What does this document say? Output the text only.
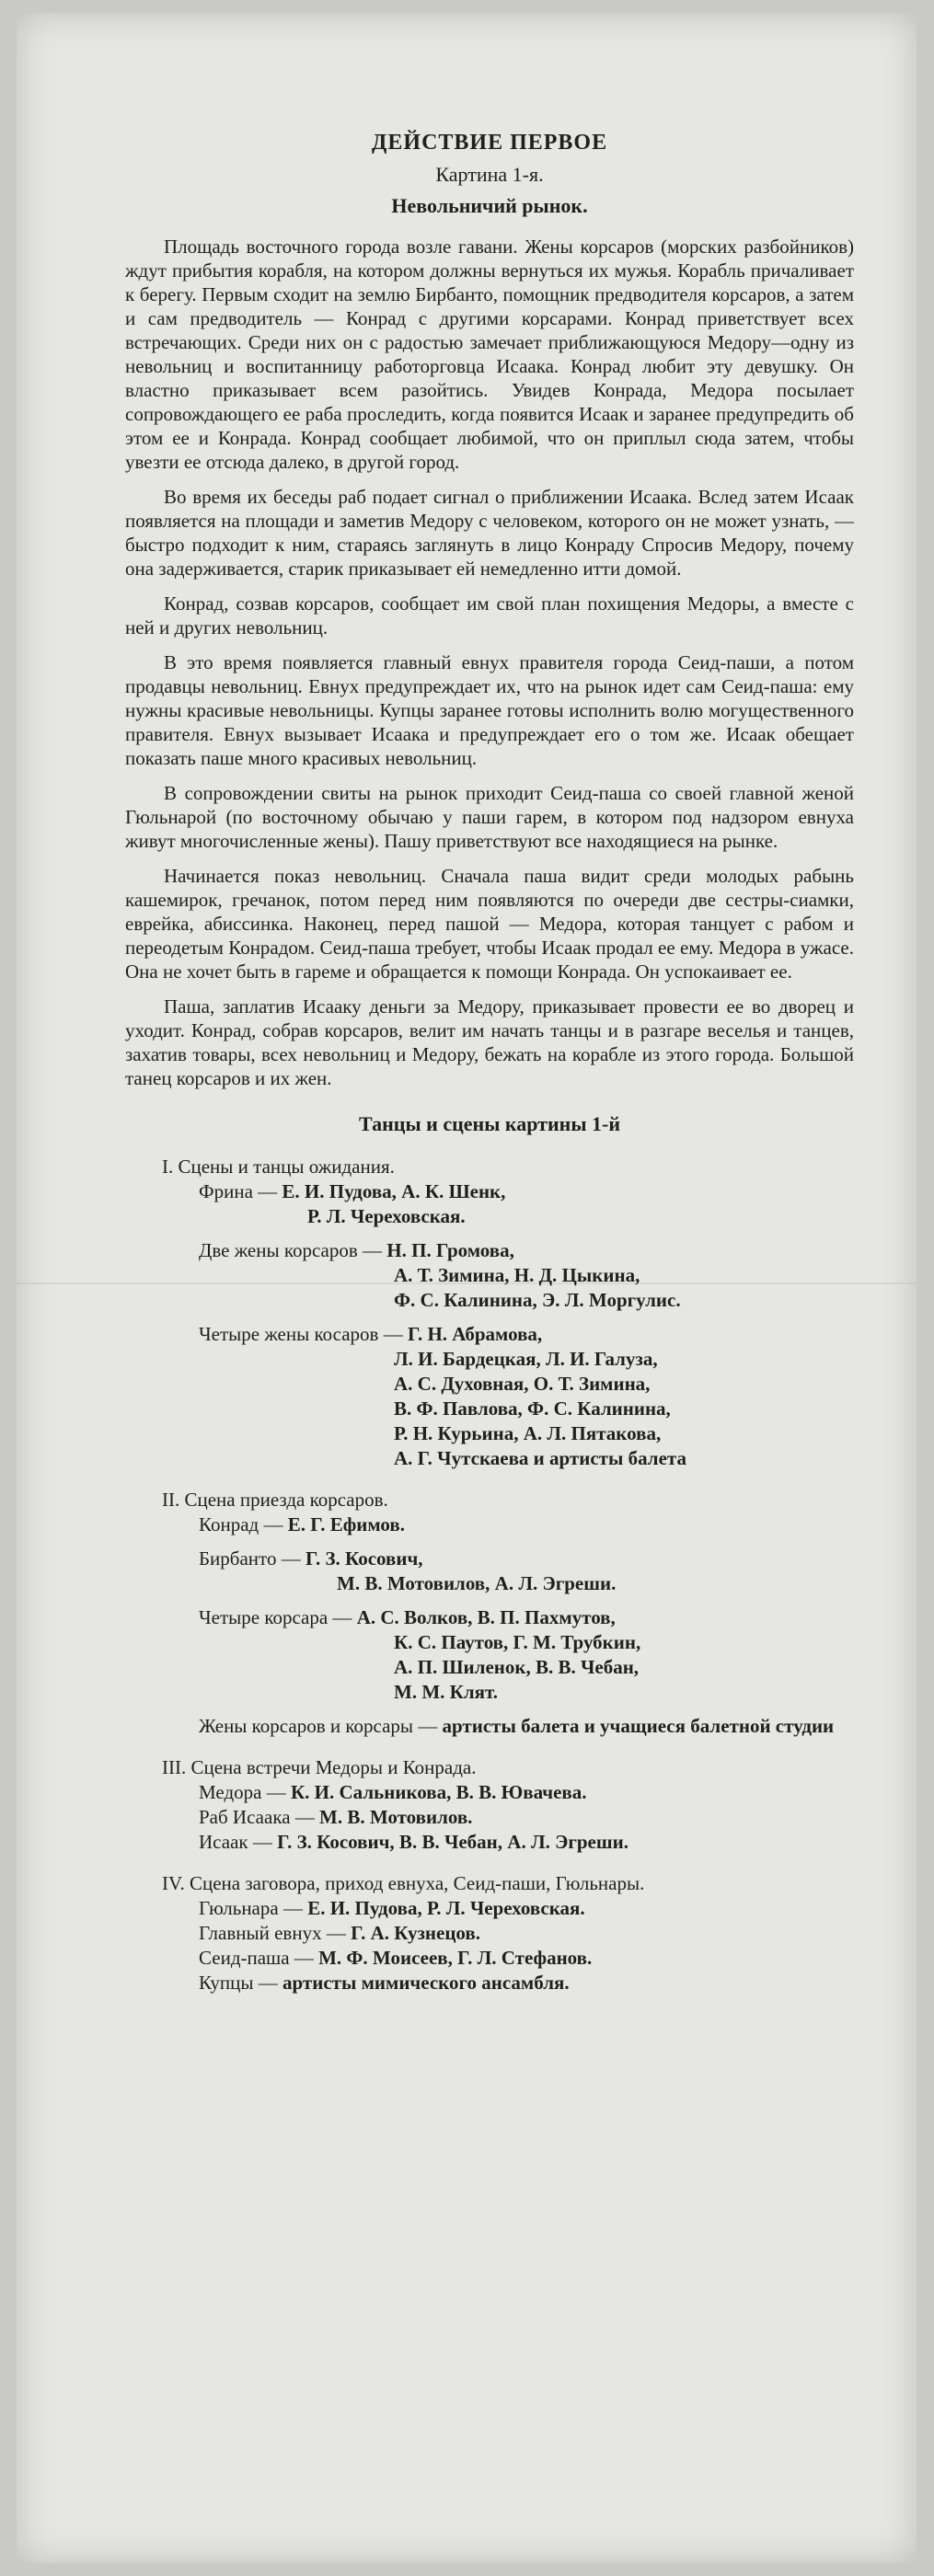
ДЕЙСТВИЕ ПЕРВОЕ
Картина 1-я.
Невольничий рынок.

Площадь восточного города возле гавани. Жены корсаров (морских разбойников) ждут прибытия корабля, на котором должны вернуться их мужья. Корабль причаливает к берегу. Первым сходит на землю Бирбанто, помощник предводителя корсаров, а затем и сам предводитель — Конрад с другими корсарами. Конрад приветствует всех встречающих. Среди них он с радостью замечает приближающуюся Медору—одну из невольниц и воспитанницу работорговца Исаака. Конрад любит эту девушку. Он властно приказывает всем разойтись. Увидев Конрада, Медора посылает сопровождающего ее раба проследить, когда появится Исаак и заранее предупредить об этом ее и Конрада. Конрад сообщает любимой, что он приплыл сюда затем, чтобы увезти ее отсюда далеко, в другой город.

Во время их беседы раб подает сигнал о приближении Исаака. Вслед затем Исаак появляется на площади и заметив Медору с человеком, которого он не может узнать, — быстро подходит к ним, стараясь заглянуть в лицо Конраду Спросив Медору, почему она задерживается, старик приказывает ей немедленно итти домой.

Конрад, созвав корсаров, сообщает им свой план похищения Медоры, а вместе с ней и других невольниц.

В это время появляется главный евнух правителя города Сеид-паши, а потом продавцы невольниц. Евнух предупреждает их, что на рынок идет сам Сеид-паша: ему нужны красивые невольницы. Купцы заранее готовы исполнить волю могущественного правителя. Евнух вызывает Исаака и предупреждает его о том же. Исаак обещает показать паше много красивых невольниц.

В сопровождении свиты на рынок приходит Сеид-паша со своей главной женой Гюльнарой (по восточному обычаю у паши гарем, в котором под надзором евнуха живут многочисленные жены). Пашу приветствуют все находящиеся на рынке.

Начинается показ невольниц. Сначала паша видит среди молодых рабынь кашемирок, гречанок, потом перед ним появляются по очереди две сестры-сиамки, еврейка, абиссинка. Наконец, перед пашой — Медора, которая танцует с рабом и переодетым Конрадом. Сеид-паша требует, чтобы Исаак продал ее ему. Медора в ужасе. Она не хочет быть в гареме и обращается к помощи Конрада. Он успокаивает ее.

Паша, заплатив Исааку деньги за Медору, приказывает провести ее во дворец и уходит. Конрад, собрав корсаров, велит им начать танцы и в разгаре веселья и танцев, захатив товары, всех невольниц и Медору, бежать на корабле из этого города. Большой танец корсаров и их жен.

Танцы и сцены картины 1-й

I. Сцены и танцы ожидания.

Фрина — Е. И. Пудова, А. К. Шенк,

Р. Л. Череховская.

Две жены корсаров — Н. П. Громова,

А. Т. Зимина, Н. Д. Цыкина,

Ф. С. Калинина, Э. Л. Моргулис.

Четыре жены косаров — Г. Н. Абрамова,

Л. И. Бардецкая, Л. И. Галуза,

А. С. Духовная, О. Т. Зимина,

В. Ф. Павлова, Ф. С. Калинина,

Р. Н. Курьина, А. Л. Пятакова,

А. Г. Чутскаева и артисты балета

II. Сцена приезда корсаров.

Конрад — Е. Г. Ефимов.

Бирбанто — Г. З. Косович,

М. В. Мотовилов, А. Л. Эгреши.

Четыре корсара — А. С. Волков, В. П. Пахмутов,

К. С. Паутов, Г. М. Трубкин,

А. П. Шиленок, В. В. Чебан,

М. М. Клят.

Жены корсаров и корсары — артисты балета и учащиеся балетной студии

III. Сцена встречи Медоры и Конрада.

Медора — К. И. Сальникова, В. В. Ювачева.

Раб Исаака — М. В. Мотовилов.

Исаак — Г. З. Косович, В. В. Чебан, А. Л. Эгреши.

IV. Сцена заговора, приход евнуха, Сеид-паши, Гюльнары.

Гюльнара — Е. И. Пудова, Р. Л. Череховская.

Главный евнух — Г. А. Кузнецов.

Сеид-паша — М. Ф. Моисеев, Г. Л. Стефанов.

Купцы — артисты мимического ансамбля.
